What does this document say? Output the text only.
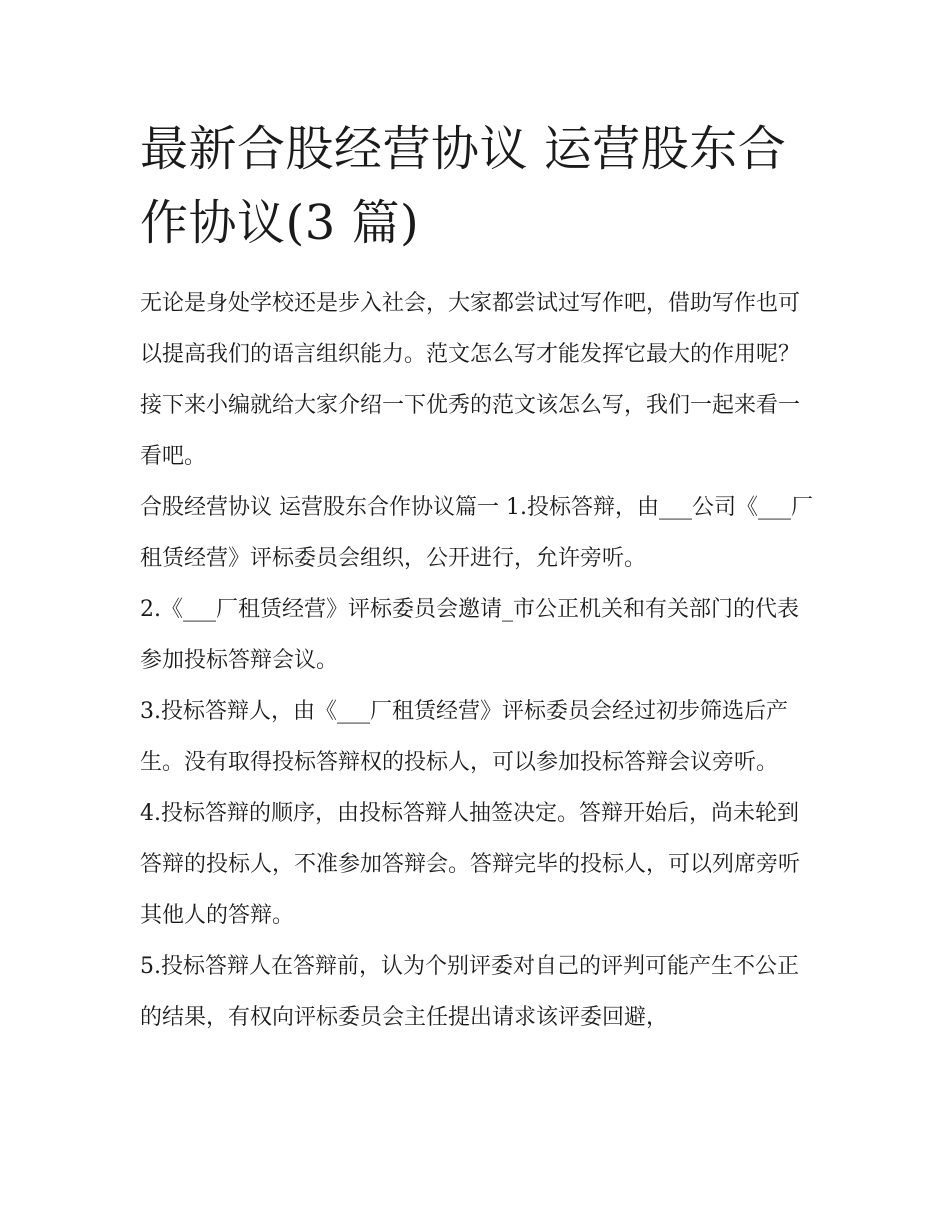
最新合股经营协议 运营股东合作协议(3 篇)

无论是身处学校还是步入社会，大家都尝试过写作吧，借助写作也可以提高我们的语言组织能力。范文怎么写才能发挥它最大的作用呢？接下来小编就给大家介绍一下优秀的范文该怎么写，我们一起来看一看吧。

合股经营协议 运营股东合作协议篇一 1.投标答辩，由___公司《___厂租赁经营》评标委员会组织，公开进行，允许旁听。

2.《___厂租赁经营》评标委员会邀请_市公正机关和有关部门的代表参加投标答辩会议。

3.投标答辩人，由《___厂租赁经营》评标委员会经过初步筛选后产生。没有取得投标答辩权的投标人，可以参加投标答辩会议旁听。

4.投标答辩的顺序，由投标答辩人抽签决定。答辩开始后，尚未轮到答辩的投标人，不准参加答辩会。答辩完毕的投标人，可以列席旁听其他人的答辩。

5.投标答辩人在答辩前，认为个别评委对自己的评判可能产生不公正的结果，有权向评标委员会主任提出请求该评委回避，
